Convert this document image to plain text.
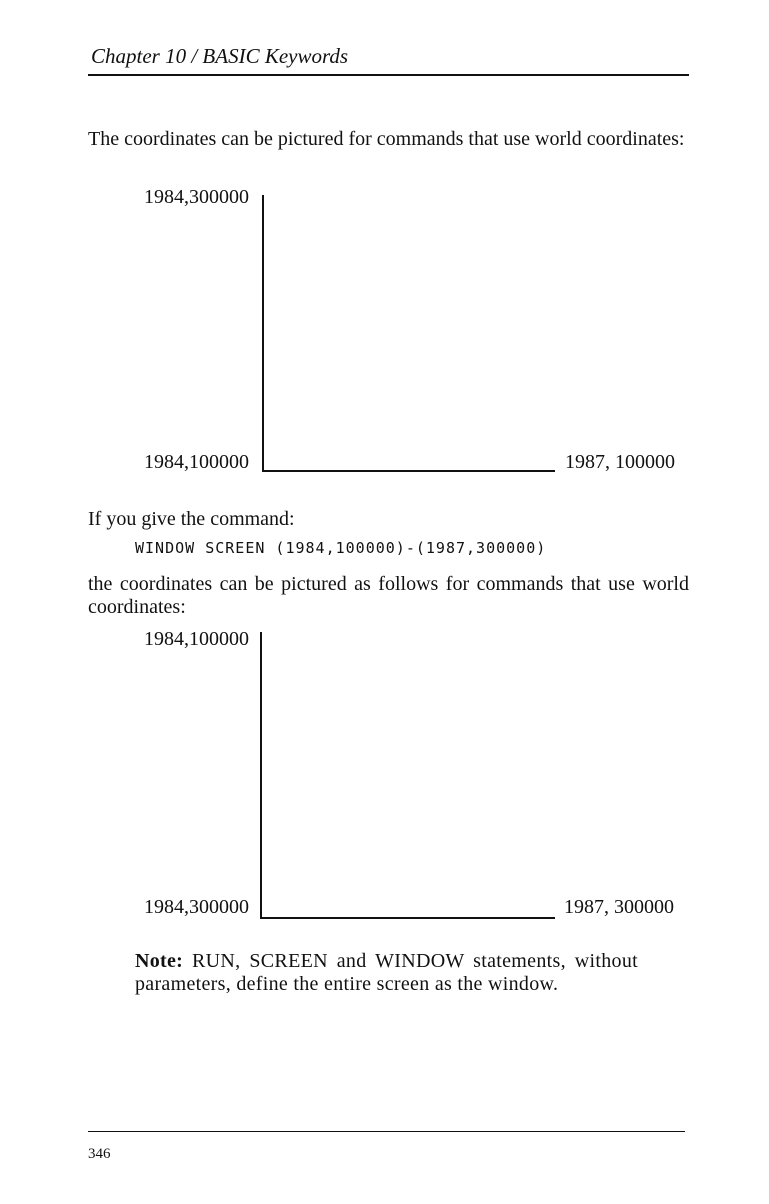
Chapter 10 / BASIC Keywords
The coordinates can be pictured for commands that use world coordinates:
1984,300000
1984,100000	1987, 100000
If you give the command:
WINDOW SCREEN (1984,100000)-(1987,300000)
the coordinates can be pictured as follows for commands that use world coordinates:
1984,100000
1984,300000	1987, 300000
Note: RUN, SCREEN and WINDOW statements, without parameters, define the entire screen as the window.
346
